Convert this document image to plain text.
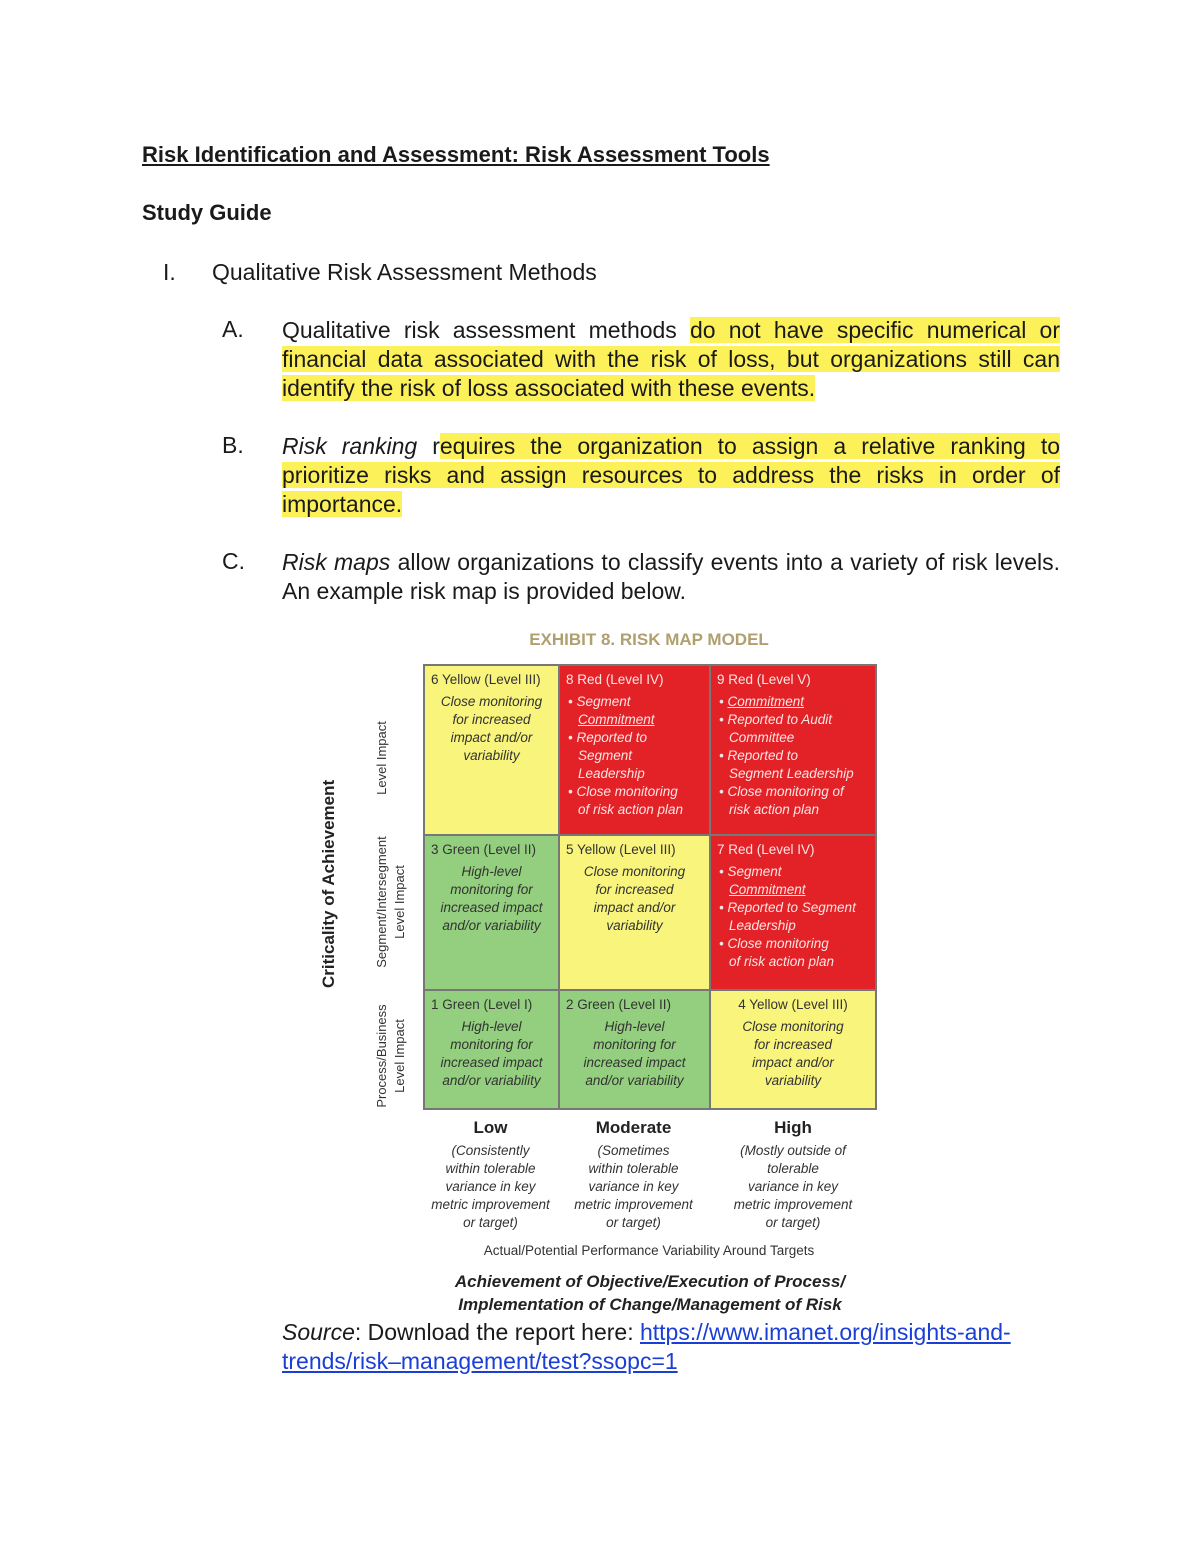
Risk Identification and Assessment: Risk Assessment Tools
Study Guide
I. Qualitative Risk Assessment Methods
A. Qualitative risk assessment methods do not have specific numerical or financial data associated with the risk of loss, but organizations still can identify the risk of loss associated with these events.
B. Risk ranking requires the organization to assign a relative ranking to prioritize risks and assign resources to address the risks in order of importance.
C. Risk maps allow organizations to classify events into a variety of risk levels. An example risk map is provided below.
EXHIBIT 8. RISK MAP MODEL
Criticality of Achievement
Level Impact
Segment/Intersegment Level Impact
Process/Business Level Impact
6 Yellow (Level III)
Close monitoring
for increased
impact and/or
variability
8 Red (Level IV)
• Segment
Commitment
• Reported to
Segment
Leadership
• Close monitoring
of risk action plan
9 Red (Level V)
• Commitment
• Reported to Audit
Committee
• Reported to
Segment Leadership
• Close monitoring of
risk action plan
3 Green (Level II)
High-level
monitoring for
increased impact
and/or variability
5 Yellow (Level III)
Close monitoring
for increased
impact and/or
variability
7 Red (Level IV)
• Segment
Commitment
• Reported to Segment
Leadership
• Close monitoring
of risk action plan
1 Green (Level I)
High-level
monitoring for
increased impact
and/or variability
2 Green (Level II)
High-level
monitoring for
increased impact
and/or variability
4 Yellow (Level III)
Close monitoring
for increased
impact and/or
variability
Low	Moderate	High
(Consistently
within tolerable
variance in key
metric improvement
or target)
(Sometimes
within tolerable
variance in key
metric improvement
or target)
(Mostly outside of
tolerable
variance in key
metric improvement
or target)
Actual/Potential Performance Variability Around Targets
Achievement of Objective/Execution of Process/
Implementation of Change/Management of Risk
Source: Download the report here: https://www.imanet.org/insights-and-trends/risk–management/test?ssopc=1
